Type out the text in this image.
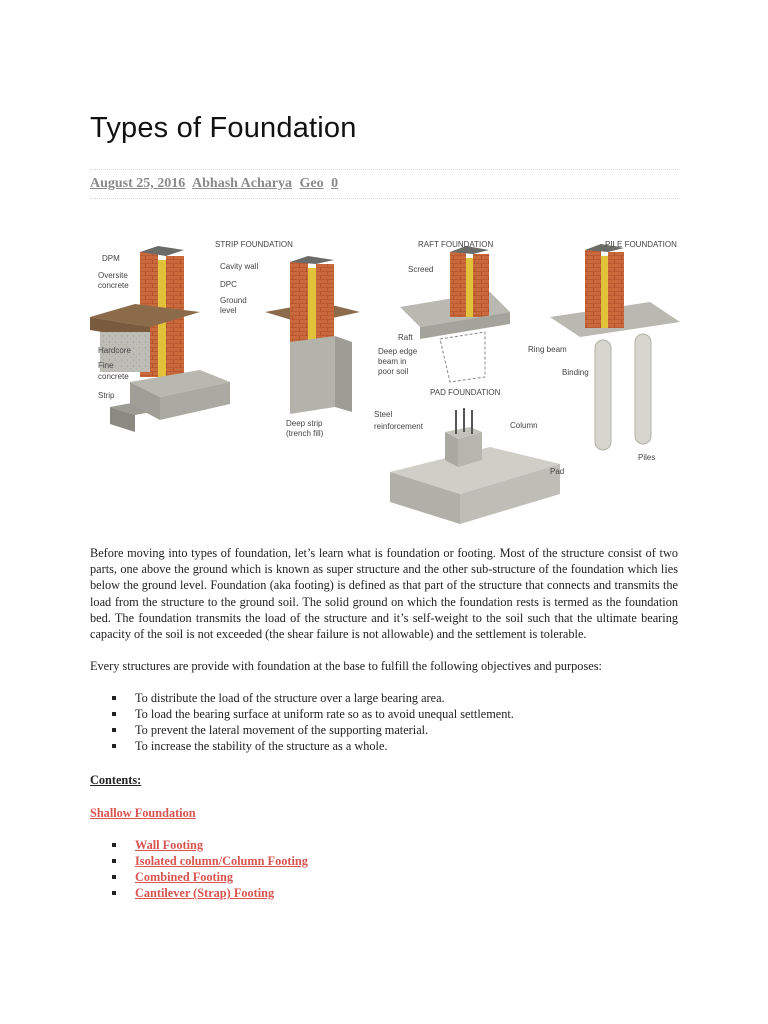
Types of Foundation
August 25, 2016 Abhash Acharya Geo 0
STRIP FOUNDATION	RAFT FOUNDATION	PILE FOUNDATION
PAD FOUNDATION
DPM
Oversite
concrete
Cavity wall
DPC
Ground
level
Hardcore
Fine
concrete
Strip
Deep strip
(trench fill)
Screed
Raft
Deep edge
beam in
poor soil
Ring beam
Binding
Piles
Steel
reinforcement	Column
Pad

Before moving into types of foundation, let’s learn what is foundation or footing. Most of the structure consist of two parts, one above the ground which is known as super structure and the other sub-structure of the foundation which lies below the ground level. Foundation (aka footing) is defined as that part of the structure that connects and transmits the load from the structure to the ground soil. The solid ground on which the foundation rests is termed as the foundation bed. The foundation transmits the load of the structure and it’s self-weight to the soil such that the ultimate bearing capacity of the soil is not exceeded (the shear failure is not allowable) and the settlement is tolerable.

Every structures are provide with foundation at the base to fulfill the following objectives and purposes:

To distribute the load of the structure over a large bearing area.
To load the bearing surface at uniform rate so as to avoid unequal settlement.
To prevent the lateral movement of the supporting material.
To increase the stability of the structure as a whole.
Contents:
Shallow Foundation
Wall Footing
Isolated column/Column Footing
Combined Footing
Cantilever (Strap) Footing
